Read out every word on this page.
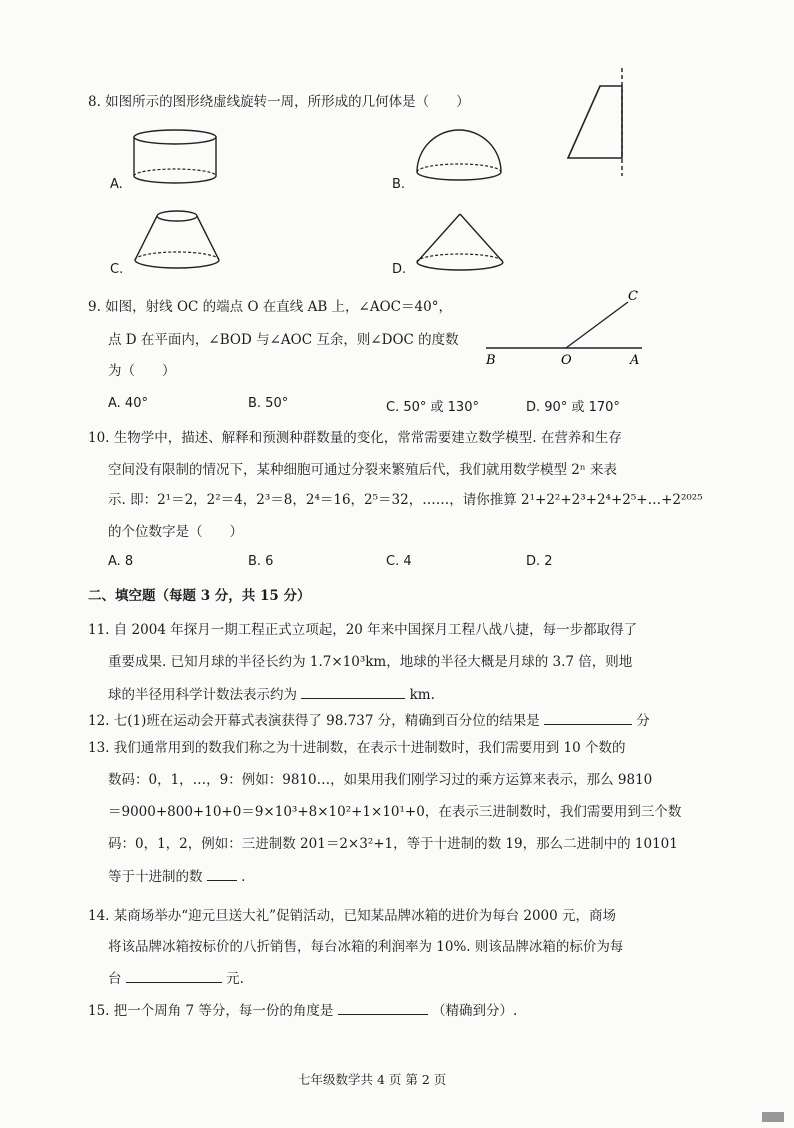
8. 如图所示的图形绕虚线旋转一周，所形成的几何体是（　　）
A.	B.
C.	D.
9. 如图，射线 OC 的端点 O 在直线 AB 上，∠AOC＝40°，
点 D 在平面内，∠BOD 与∠AOC 互余，则∠DOC 的度数
为（　　）
C
B	O	A
A. 40°	B. 50°	C. 50° 或 130°	D. 90° 或 170°
10. 生物学中，描述、解释和预测种群数量的变化，常常需要建立数学模型. 在营养和生存
空间没有限制的情况下，某种细胞可通过分裂来繁殖后代，我们就用数学模型 2ⁿ 来表
示. 即：2¹＝2，2²＝4，2³＝8，2⁴＝16，2⁵＝32，……，请你推算 2¹+2²+2³+2⁴+2⁵+…+2²⁰²⁵
的个位数字是（　　）
A. 8	B. 6	C. 4	D. 2
二、填空题（每题 3 分，共 15 分）
11. 自 2004 年探月一期工程正式立项起，20 年来中国探月工程八战八捷，每一步都取得了
重要成果. 已知月球的半径长约为 1.7×10³km，地球的半径大概是月球的 3.7 倍，则地
球的半径用科学计数法表示约为	km.
12. 七(1)班在运动会开幕式表演获得了 98.737 分，精确到百分位的结果是	分
13. 我们通常用到的数我们称之为十进制数，在表示十进制数时，我们需要用到 10 个数的
数码：0，1，…，9：例如：9810…，如果用我们刚学习过的乘方运算来表示，那么 9810
＝9000+800+10+0＝9×10³+8×10²+1×10¹+0，在表示三进制数时，我们需要用到三个数
码：0，1，2，例如：三进制数 201＝2×3²+1，等于十进制的数 19，那么二进制中的 10101
等于十进制的数	.
14. 某商场举办“迎元旦送大礼”促销活动，已知某品牌冰箱的进价为每台 2000 元，商场
将该品牌冰箱按标价的八折销售，每台冰箱的利润率为 10%. 则该品牌冰箱的标价为每
台	元.
15. 把一个周角 7 等分，每一份的角度是	（精确到分）.
七年级数学共 4 页 第 2 页
